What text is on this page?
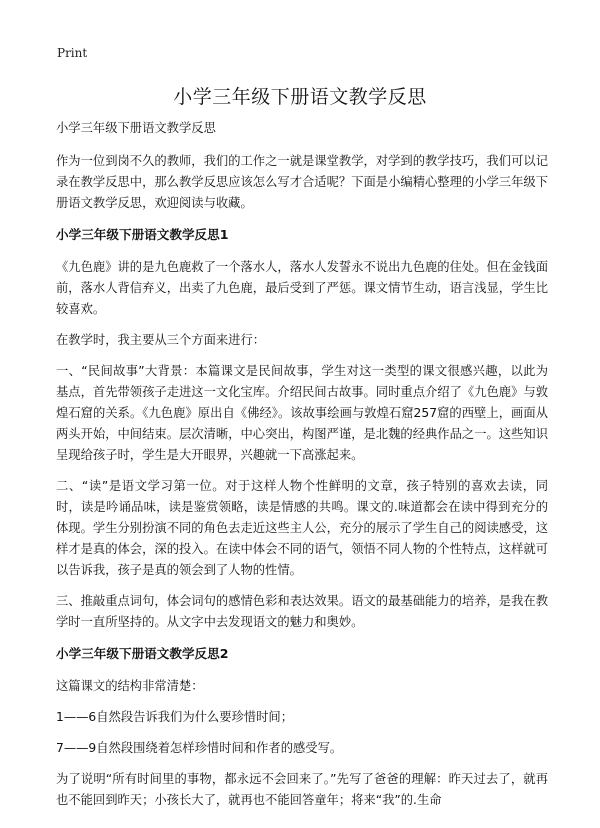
Print
小学三年级下册语文教学反思

小学三年级下册语文教学反思

作为一位到岗不久的教师，我们的工作之一就是课堂教学，对学到的教学技巧，我们可以记录在教学反思中，那么教学反思应该怎么写才合适呢？下面是小编精心整理的小学三年级下册语文教学反思，欢迎阅读与收藏。

小学三年级下册语文教学反思1

《九色鹿》讲的是九色鹿救了一个落水人，落水人发誓永不说出九色鹿的住处。但在金钱面前，落水人背信弃义，出卖了九色鹿，最后受到了严惩。课文情节生动，语言浅显，学生比较喜欢。

在教学时，我主要从三个方面来进行：

一、“民间故事”大背景：本篇课文是民间故事，学生对这一类型的课文很感兴趣，以此为基点，首先带领孩子走进这一文化宝库。介绍民间古故事。同时重点介绍了《九色鹿》与敦煌石窟的关系。《九色鹿》原出自《佛经》。该故事绘画与敦煌石窟257窟的西壁上，画面从两头开始，中间结束。层次清晰，中心突出，构图严谨，是北魏的经典作品之一。这些知识呈现给孩子时，学生是大开眼界，兴趣就一下高涨起来。

二、“读”是语文学习第一位。对于这样人物个性鲜明的文章，孩子特别的喜欢去读，同时，读是吟诵品味，读是鉴赏领略，读是情感的共鸣。课文的.味道都会在读中得到充分的体现。学生分别扮演不同的角色去走近这些主人公，充分的展示了学生自己的阅读感受，这样才是真的体会，深的投入。在读中体会不同的语气，领悟不同人物的个性特点，这样就可以告诉我，孩子是真的领会到了人物的性情。

三、推敲重点词句，体会词句的感情色彩和表达效果。语文的最基础能力的培养，是我在教学时一直所坚持的。从文字中去发现语文的魅力和奥妙。

小学三年级下册语文教学反思2

这篇课文的结构非常清楚：

1——6自然段告诉我们为什么要珍惜时间；

7——9自然段围绕着怎样珍惜时间和作者的感受写。

为了说明“所有时间里的事物，都永远不会回来了。”先写了爸爸的理解：昨天过去了，就再也不能回到昨天；小孩长大了，就再也不能回答童年；将来“我”的.生命
